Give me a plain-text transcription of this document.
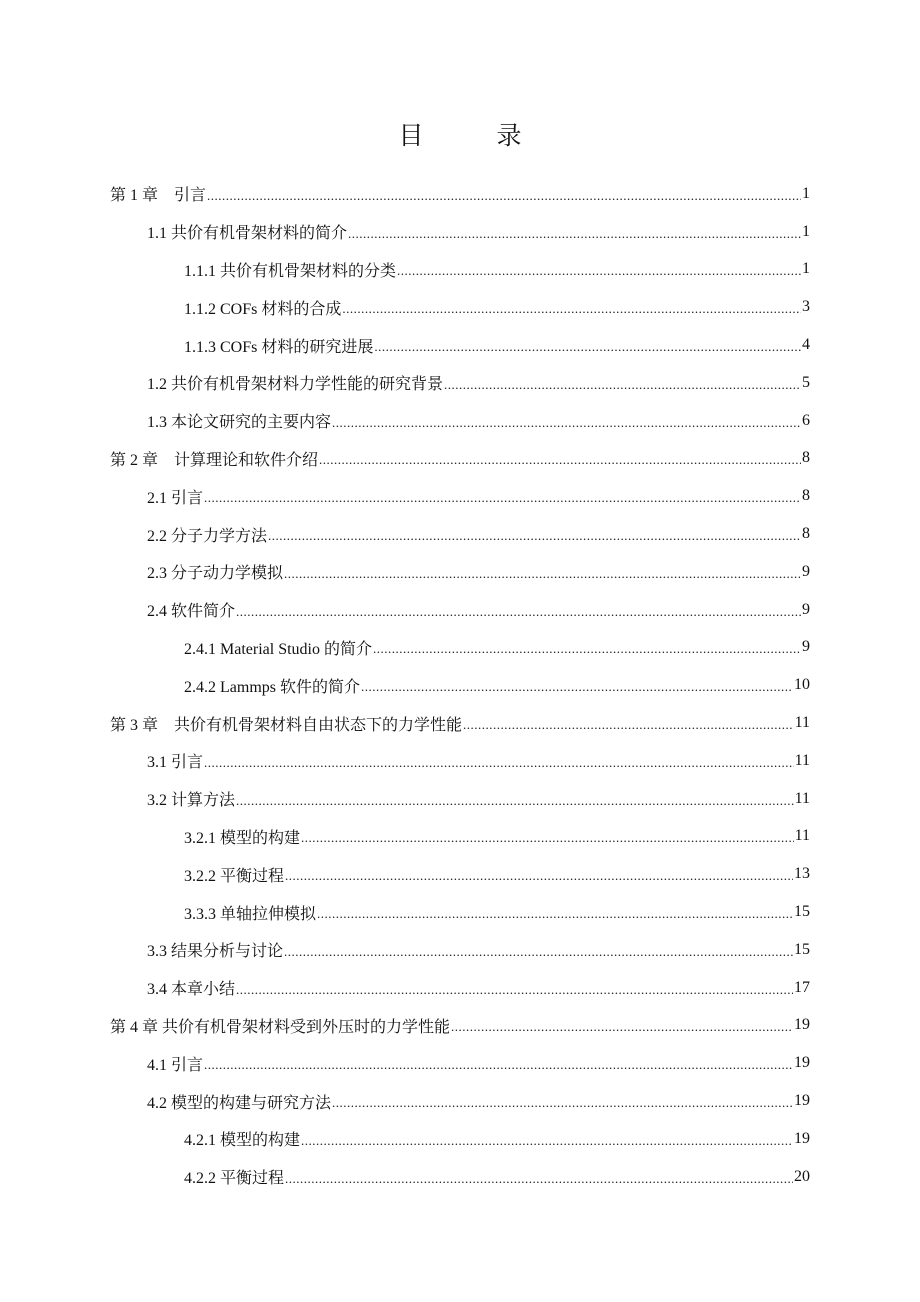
目　录
第 1 章　引言 .....	1
1.1 共价有机骨架材料的简介 .....	1
1.1.1 共价有机骨架材料的分类 .....	1
1.1.2 COFs 材料的合成 .....	3
1.1.3 COFs 材料的研究进展 .....	4
1.2 共价有机骨架材料力学性能的研究背景 .....	5
1.3 本论文研究的主要内容 .....	6
第 2 章　计算理论和软件介绍 .....	8
2.1 引言 .....	8
2.2 分子力学方法 .....	8
2.3 分子动力学模拟 .....	9
2.4 软件简介 .....	9
2.4.1 Material Studio 的简介 .....	9
2.4.2 Lammps 软件的简介 .....	10
第 3 章　共价有机骨架材料自由状态下的力学性能 .....	11
3.1 引言 .....	11
3.2 计算方法 .....	11
3.2.1 模型的构建 .....	11
3.2.2 平衡过程 .....	13
3.3.3 单轴拉伸模拟 .....	15
3.3 结果分析与讨论 .....	15
3.4 本章小结 .....	17
第 4 章 共价有机骨架材料受到外压时的力学性能 .....	19
4.1 引言 .....	19
4.2 模型的构建与研究方法 .....	19
4.2.1 模型的构建 .....	19
4.2.2 平衡过程 .....	20
